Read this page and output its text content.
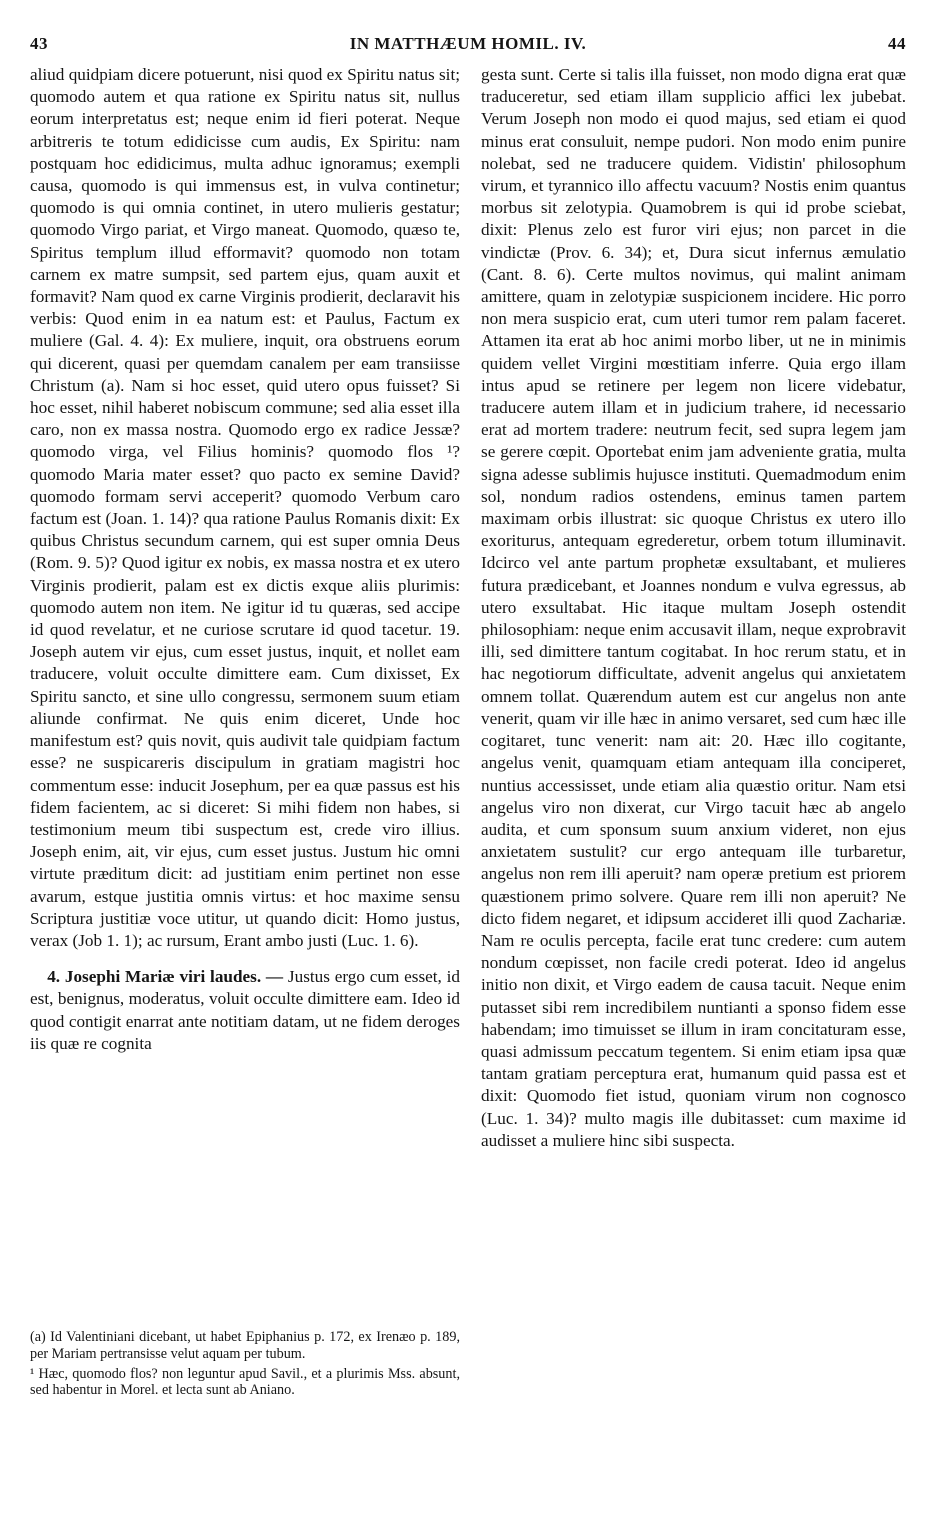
43	IN MATTHÆUM HOMIL. IV.	44

aliud quidpiam dicere potuerunt, nisi quod ex Spiritu natus sit; quomodo autem et qua ratione ex Spiritu natus sit, nullus eorum interpretatus est; neque enim id fieri poterat. Neque arbitreris te totum edidicisse cum audis, Ex Spiritu: nam postquam hoc edidicimus, multa adhuc ignoramus; exempli causa, quomodo is qui immensus est, in vulva continetur; quomodo is qui omnia continet, in utero mulieris gestatur; quomodo Virgo pariat, et Virgo maneat. Quomodo, quæso te, Spiritus templum illud efformavit? quomodo non totam carnem ex matre sumpsit, sed partem ejus, quam auxit et formavit? Nam quod ex carne Virginis prodierit, declaravit his verbis: Quod enim in ea natum est: et Paulus, Factum ex muliere (Gal. 4. 4): Ex muliere, inquit, ora obstruens eorum qui dicerent, quasi per quemdam canalem per eam transiisse Christum (a). Nam si hoc esset, quid utero opus fuisset? Si hoc esset, nihil haberet nobiscum commune; sed alia esset illa caro, non ex massa nostra. Quomodo ergo ex radice Jessæ? quomodo virga, vel Filius hominis? quomodo flos ¹? quomodo Maria mater esset? quo pacto ex semine David? quomodo formam servi acceperit? quomodo Verbum caro factum est (Joan. 1. 14)? qua ratione Paulus Romanis dixit: Ex quibus Christus secundum carnem, qui est super omnia Deus (Rom. 9. 5)? Quod igitur ex nobis, ex massa nostra et ex utero Virginis prodierit, palam est ex dictis exque aliis plurimis: quomodo autem non item. Ne igitur id tu quæras, sed accipe id quod revelatur, et ne curiose scrutare id quod tacetur. 19. Joseph autem vir ejus, cum esset justus, inquit, et nollet eam traducere, voluit occulte dimittere eam. Cum dixisset, Ex Spiritu sancto, et sine ullo congressu, sermonem suum etiam aliunde confirmat. Ne quis enim diceret, Unde hoc manifestum est? quis novit, quis audivit tale quidpiam factum esse? ne suspicareris discipulum in gratiam magistri hoc commentum esse: inducit Josephum, per ea quæ passus est his fidem facientem, ac si diceret: Si mihi fidem non habes, si testimonium meum tibi suspectum est, crede viro illius. Joseph enim, ait, vir ejus, cum esset justus. Justum hic omni virtute præditum dicit: ad justitiam enim pertinet non esse avarum, estque justitia omnis virtus: et hoc maxime sensu Scriptura justitiæ voce utitur, ut quando dicit: Homo justus, verax (Job 1. 1); ac rursum, Erant ambo justi (Luc. 1. 6).

 4. Josephi Mariæ viri laudes. — Justus ergo cum esset, id est, benignus, moderatus, voluit occulte dimittere eam. Ideo id quod contigit enarrat ante notitiam datam, ut ne fidem deroges iis quæ re cognita

gesta sunt. Certe si talis illa fuisset, non modo digna erat quæ traduceretur, sed etiam illam supplicio affici lex jubebat. Verum Joseph non modo ei quod majus, sed etiam ei quod minus erat consuluit, nempe pudori. Non modo enim punire nolebat, sed ne traducere quidem. Vidistin' philosophum virum, et tyrannico illo affectu vacuum? Nostis enim quantus morbus sit zelotypia. Quamobrem is qui id probe sciebat, dixit: Plenus zelo est furor viri ejus; non parcet in die vindictæ (Prov. 6. 34); et, Dura sicut infernus æmulatio (Cant. 8. 6). Certe multos novimus, qui malint animam amittere, quam in zelotypiæ suspicionem incidere. Hic porro non mera suspicio erat, cum uteri tumor rem palam faceret. Attamen ita erat ab hoc animi morbo liber, ut ne in minimis quidem vellet Virgini mœstitiam inferre. Quia ergo illam intus apud se retinere per legem non licere videbatur, traducere autem illam et in judicium trahere, id necessario erat ad mortem tradere: neutrum fecit, sed supra legem jam se gerere cœpit. Oportebat enim jam adveniente gratia, multa signa adesse sublimis hujusce instituti. Quemadmodum enim sol, nondum radios ostendens, eminus tamen partem maximam orbis illustrat: sic quoque Christus ex utero illo exoriturus, antequam egrederetur, orbem totum illuminavit. Idcirco vel ante partum prophetæ exsultabant, et mulieres futura prædicebant, et Joannes nondum e vulva egressus, ab utero exsultabat. Hic itaque multam Joseph ostendit philosophiam: neque enim accusavit illam, neque exprobravit illi, sed dimittere tantum cogitabat. In hoc rerum statu, et in hac negotiorum difficultate, advenit angelus qui anxietatem omnem tollat. Quærendum autem est cur angelus non ante venerit, quam vir ille hæc in animo versaret, sed cum hæc ille cogitaret, tunc venerit: nam ait: 20. Hæc illo cogitante, angelus venit, quamquam etiam antequam illa conciperet, nuntius accessisset, unde etiam alia quæstio oritur. Nam etsi angelus viro non dixerat, cur Virgo tacuit hæc ab angelo audita, et cum sponsum suum anxium videret, non ejus anxietatem sustulit? cur ergo antequam ille turbaretur, angelus non rem illi aperuit? nam operæ pretium est priorem quæstionem primo solvere. Quare rem illi non aperuit? Ne dicto fidem negaret, et idipsum accideret illi quod Zachariæ. Nam re oculis percepta, facile erat tunc credere: cum autem nondum cœpisset, non facile credi poterat. Ideo id angelus initio non dixit, et Virgo eadem de causa tacuit. Neque enim putasset sibi rem incredibilem nuntianti a sponso fidem esse habendam; imo timuisset se illum in iram concitaturam esse, quasi admissum peccatum tegentem. Si enim etiam ipsa quæ tantam gratiam perceptura erat, humanum quid passa est et dixit: Quomodo fiet istud, quoniam virum non cognosco (Luc. 1. 34)? multo magis ille dubitasset: cum maxime id audisset a muliere hinc sibi suspecta.

(a) Id Valentiniani dicebant, ut habet Epiphanius p. 172, ex Irenæo p. 189, per Mariam pertransisse velut aquam per tubum.

¹ Hæc, quomodo flos? non leguntur apud Savil., et a plurimis Mss. absunt, sed habentur in Morel. et lecta sunt ab Aniano.
